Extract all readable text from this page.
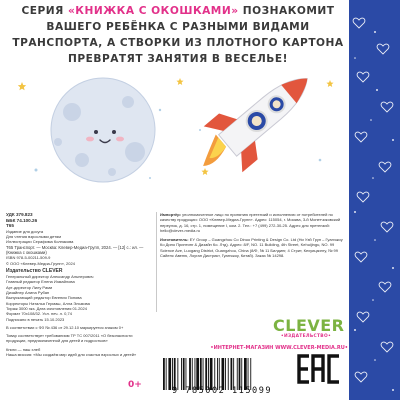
СЕРИЯ «КНИЖКА С ОКОШКАМИ» ПОЗНАКОМИТ
ВАШЕГО РЕБЁНКА С РАЗНЫМИ ВИДАМИ
ТРАНСПОРТА, А СТВОРКИ ИЗ ПЛОТНОГО КАРТОНА
ПРЕВРАТЯТ ЗАНЯТИЯ В ВЕСЕЛЬЕ!
УДК 379.823
ББК 74.100.26
Т65
Издание для досуга
Для чтения взрослыми детям
Иллюстрации Серафима Колпакова
Т65 Транспорт. — Москва: Клевер-Медиа-Групп, 2024. — [12] с.: ил. — (Книжка с окошками)
ISBN 978-5-00211-509-9
© ООО «Клевер-Медиа-Групп», 2024
Издательство CLEVER
Генеральный директор Александр Альперович
Главный редактор Елена Измайлова
Арт-директор Лилу Рами
Дизайнер Алина Рубан
Выпускающий редактор Евгения Попова
Корректоры Наталья Гермаш, Алла Эльмова
Тираж 3000 экз. Дата изготовления 01.2024
Формат 70х108/32. Усл. печ. л. 0,74
Подписано в печать 15.10.2023
В соответствии с ФЗ № 436 от 29.12.10 маркируется знаком 0+
Товар соответствует требованиям ТР ТС 007/2011 «О безопасности продукции, предназначенной для детей и подростков»
Книги — наш хлеб
Наша миссия: «Мы создаём мир идей для счастья взрослых и детей»
Импортёр: уполномоченное лицо по принятию претензий и исполнению от потребителей по качеству продукции: ООО «Клевер-Медиа-Групп». Адрес: 115054, г. Москва, 3-й Монетчиковский переулок, д. 16, стр. 1, помещение I, ком. 2. Тел.: +7 (499) 272-30-25. Адрес для претензий: hello@clever-media.ru
Изготовитель: EY Group – Guangzhou Co Dinuo Printing & Design Co. Ltd (Ни Уэй Груп – Гуанчжоу Ко Дино Принтинг & Дизайн Ко. Лтд). Адрес: 8/F, NO. 11 Building, 4th Street, Kehuijingu, NO. 99 Science Ave, Luogang District, Guangzhou, China (8/Ф, № 11 Билдинг, 4 Стрит, Кехуицзингу, № 99 Сайенс Авеню, Лоуган Дистрикт, Гуанчжоу, Китай). Заказ № 14298.
CLEVER
•ИЗДАТЕЛЬСТВО•
•ИНТЕРНЕТ-МАГАЗИН WWW.CLEVER-MEDIA.RU•
0+
9 785002 115099
